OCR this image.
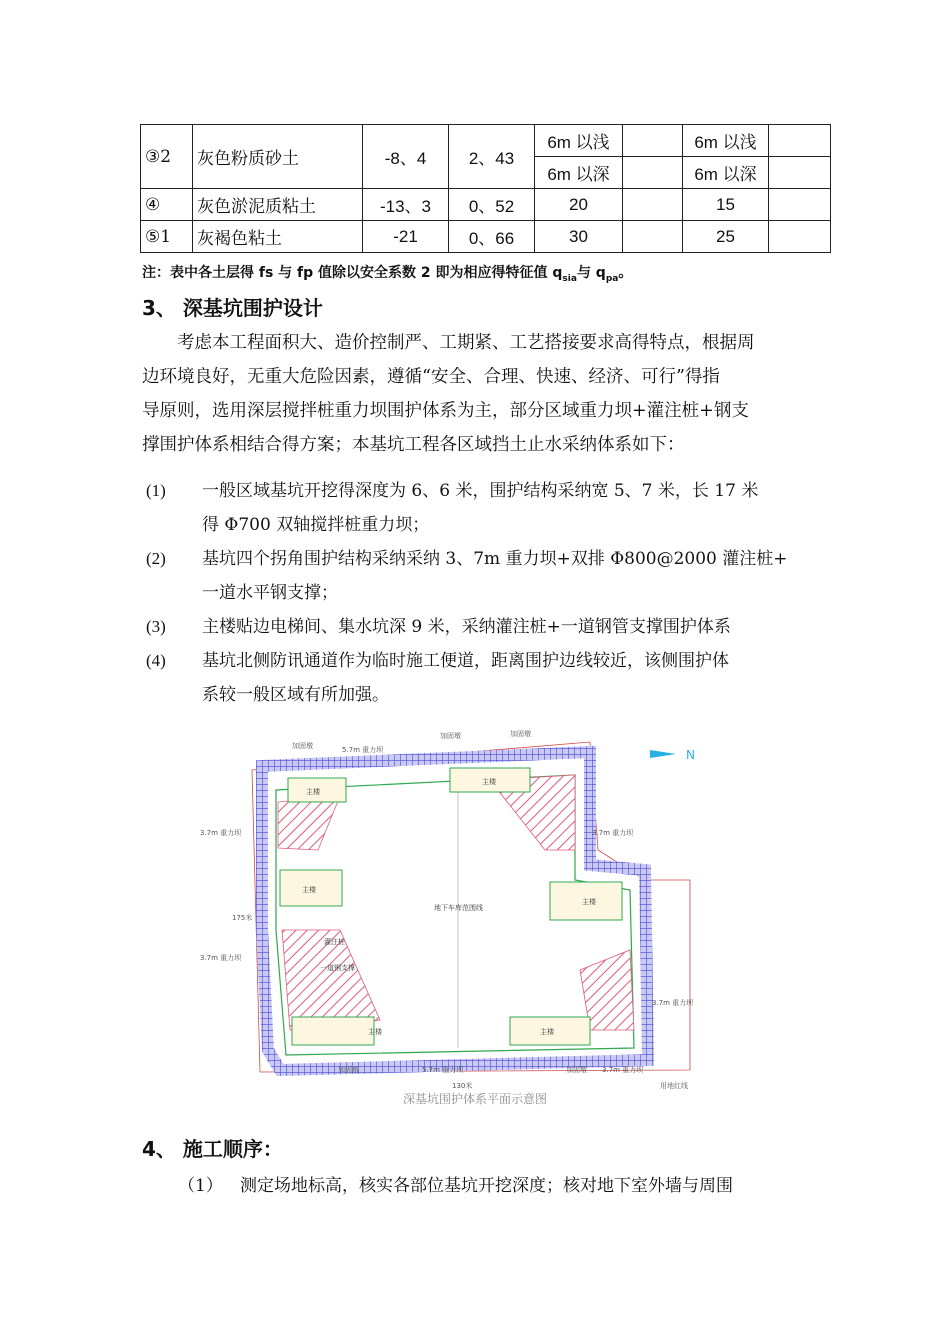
③2	灰色粉质砂土	-8、4	2、43	6m 以浅		6m 以浅	
				6m 以深		6m 以深	
④	灰色淤泥质粘土	-13、3	0、52	20		15	
⑤1	灰褐色粘土	-21	0、66	30		25	
注：表中各土层得 fs 与 fp 值除以安全系数 2 即为相应得特征值 $q_{sia}$与 $q_{pa}$。
3、 深基坑围护设计

考虑本工程面积大、造价控制严、工期紧、工艺搭接要求高得特点，根据周

边环境良好，无重大危险因素，遵循“安全、合理、快速、经济、可行”得指
导原则，选用深层搅拌桩重力坝围护体系为主，部分区域重力坝+灌注桩+钢支
撑围护体系相结合得方案；本基坑工程各区域挡土止水采纳体系如下：
(1) 一般区域基坑开挖得深度为 6、6 米，围护结构采纳宽 5、7 米，长 17 米
得 Φ700 双轴搅拌桩重力坝；
(2) 基坑四个拐角围护结构采纳采纳 3、7m 重力坝+双排 Φ800@2000 灌注桩+
一道水平钢支撑；
(3) 主楼贴边电梯间、集水坑深 9 米，采纳灌注桩+一道钢管支撑围护体系
(4) 基坑北侧防讯通道作为临时施工便道，距离围护边线较近，该侧围护体
系较一般区域有所加强。
N
加固墩
加固墩	加固墩
5.7m 重力坝
3.7m 重力坝	3.7m 重力坝
3.7m 重力坝
3.7m 重力坝
主楼
主楼
主楼
主楼
主楼	主楼
地下车库范围线
灌注桩
一道钢支撑
加固墩	5.7m 重力坝	加固墩 3.7m 重力坝
130米
175米
用地红线
深基坑围护体系平面示意图
4、 施工顺序：
（1） 测定场地标高，核实各部位基坑开挖深度；核对地下室外墙与周围
